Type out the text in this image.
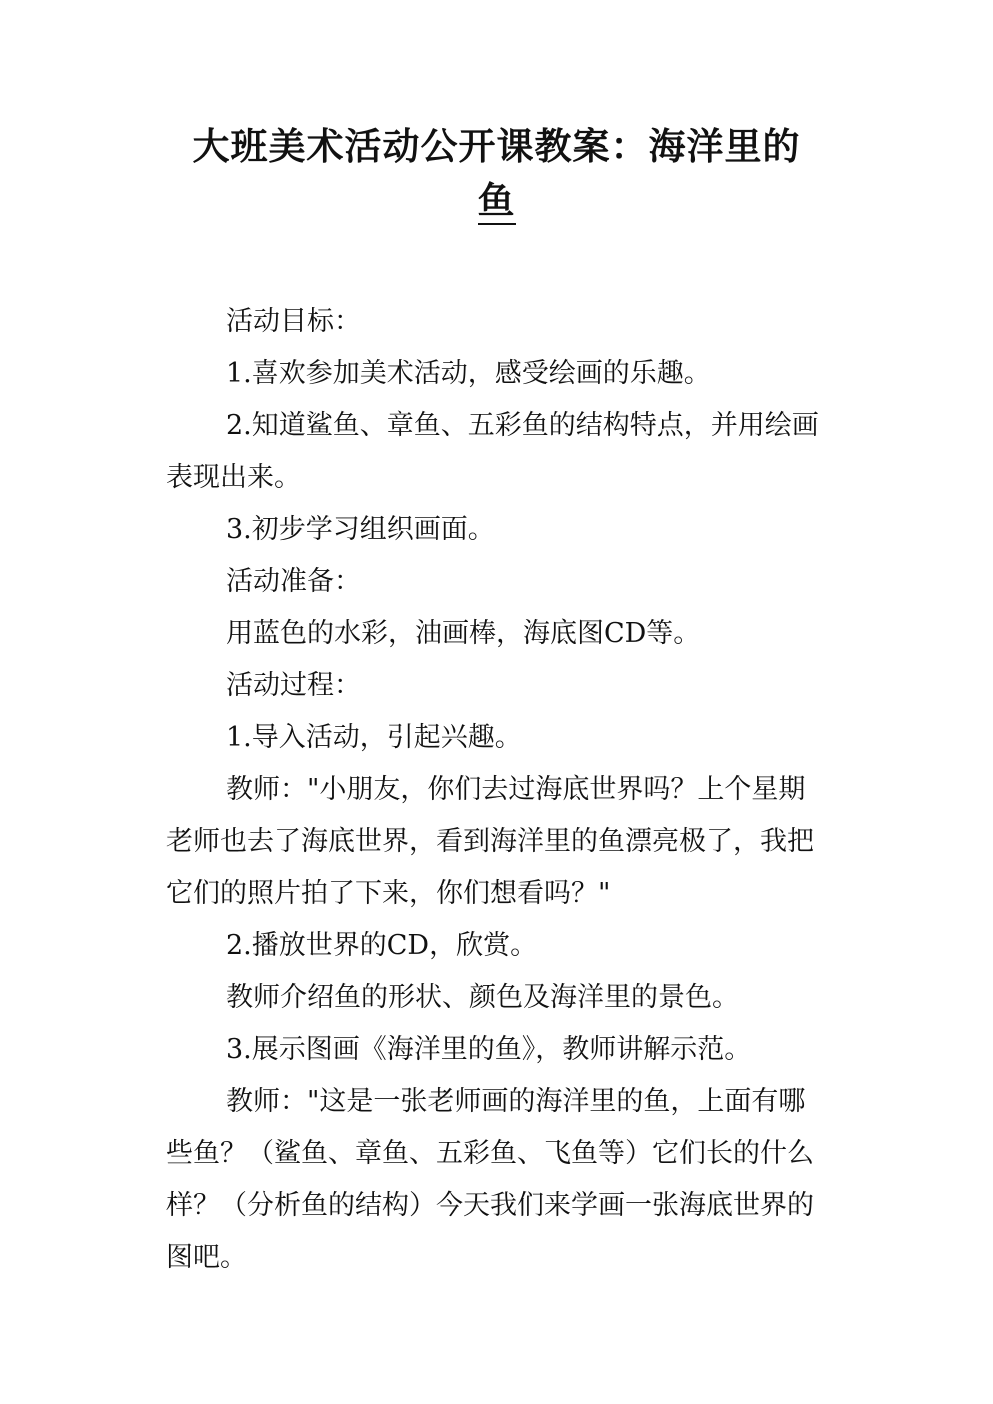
大班美术活动公开课教案：海洋里的
鱼

活动目标：

1.喜欢参加美术活动，感受绘画的乐趣。

2.知道鲨鱼、章鱼、五彩鱼的结构特点，并用绘画表现出来。

3.初步学习组织画面。

活动准备：

用蓝色的水彩，油画棒，海底图CD等。

活动过程：

1.导入活动，引起兴趣。

教师："小朋友，你们去过海底世界吗？上个星期老师也去了海底世界，看到海洋里的鱼漂亮极了，我把它们的照片拍了下来，你们想看吗？"

2.播放世界的CD，欣赏。

教师介绍鱼的形状、颜色及海洋里的景色。

3.展示图画《海洋里的鱼》，教师讲解示范。

教师："这是一张老师画的海洋里的鱼，上面有哪些鱼？（鲨鱼、章鱼、五彩鱼、飞鱼等）它们长的什么样？（分析鱼的结构）今天我们来学画一张海底世界的图吧。
